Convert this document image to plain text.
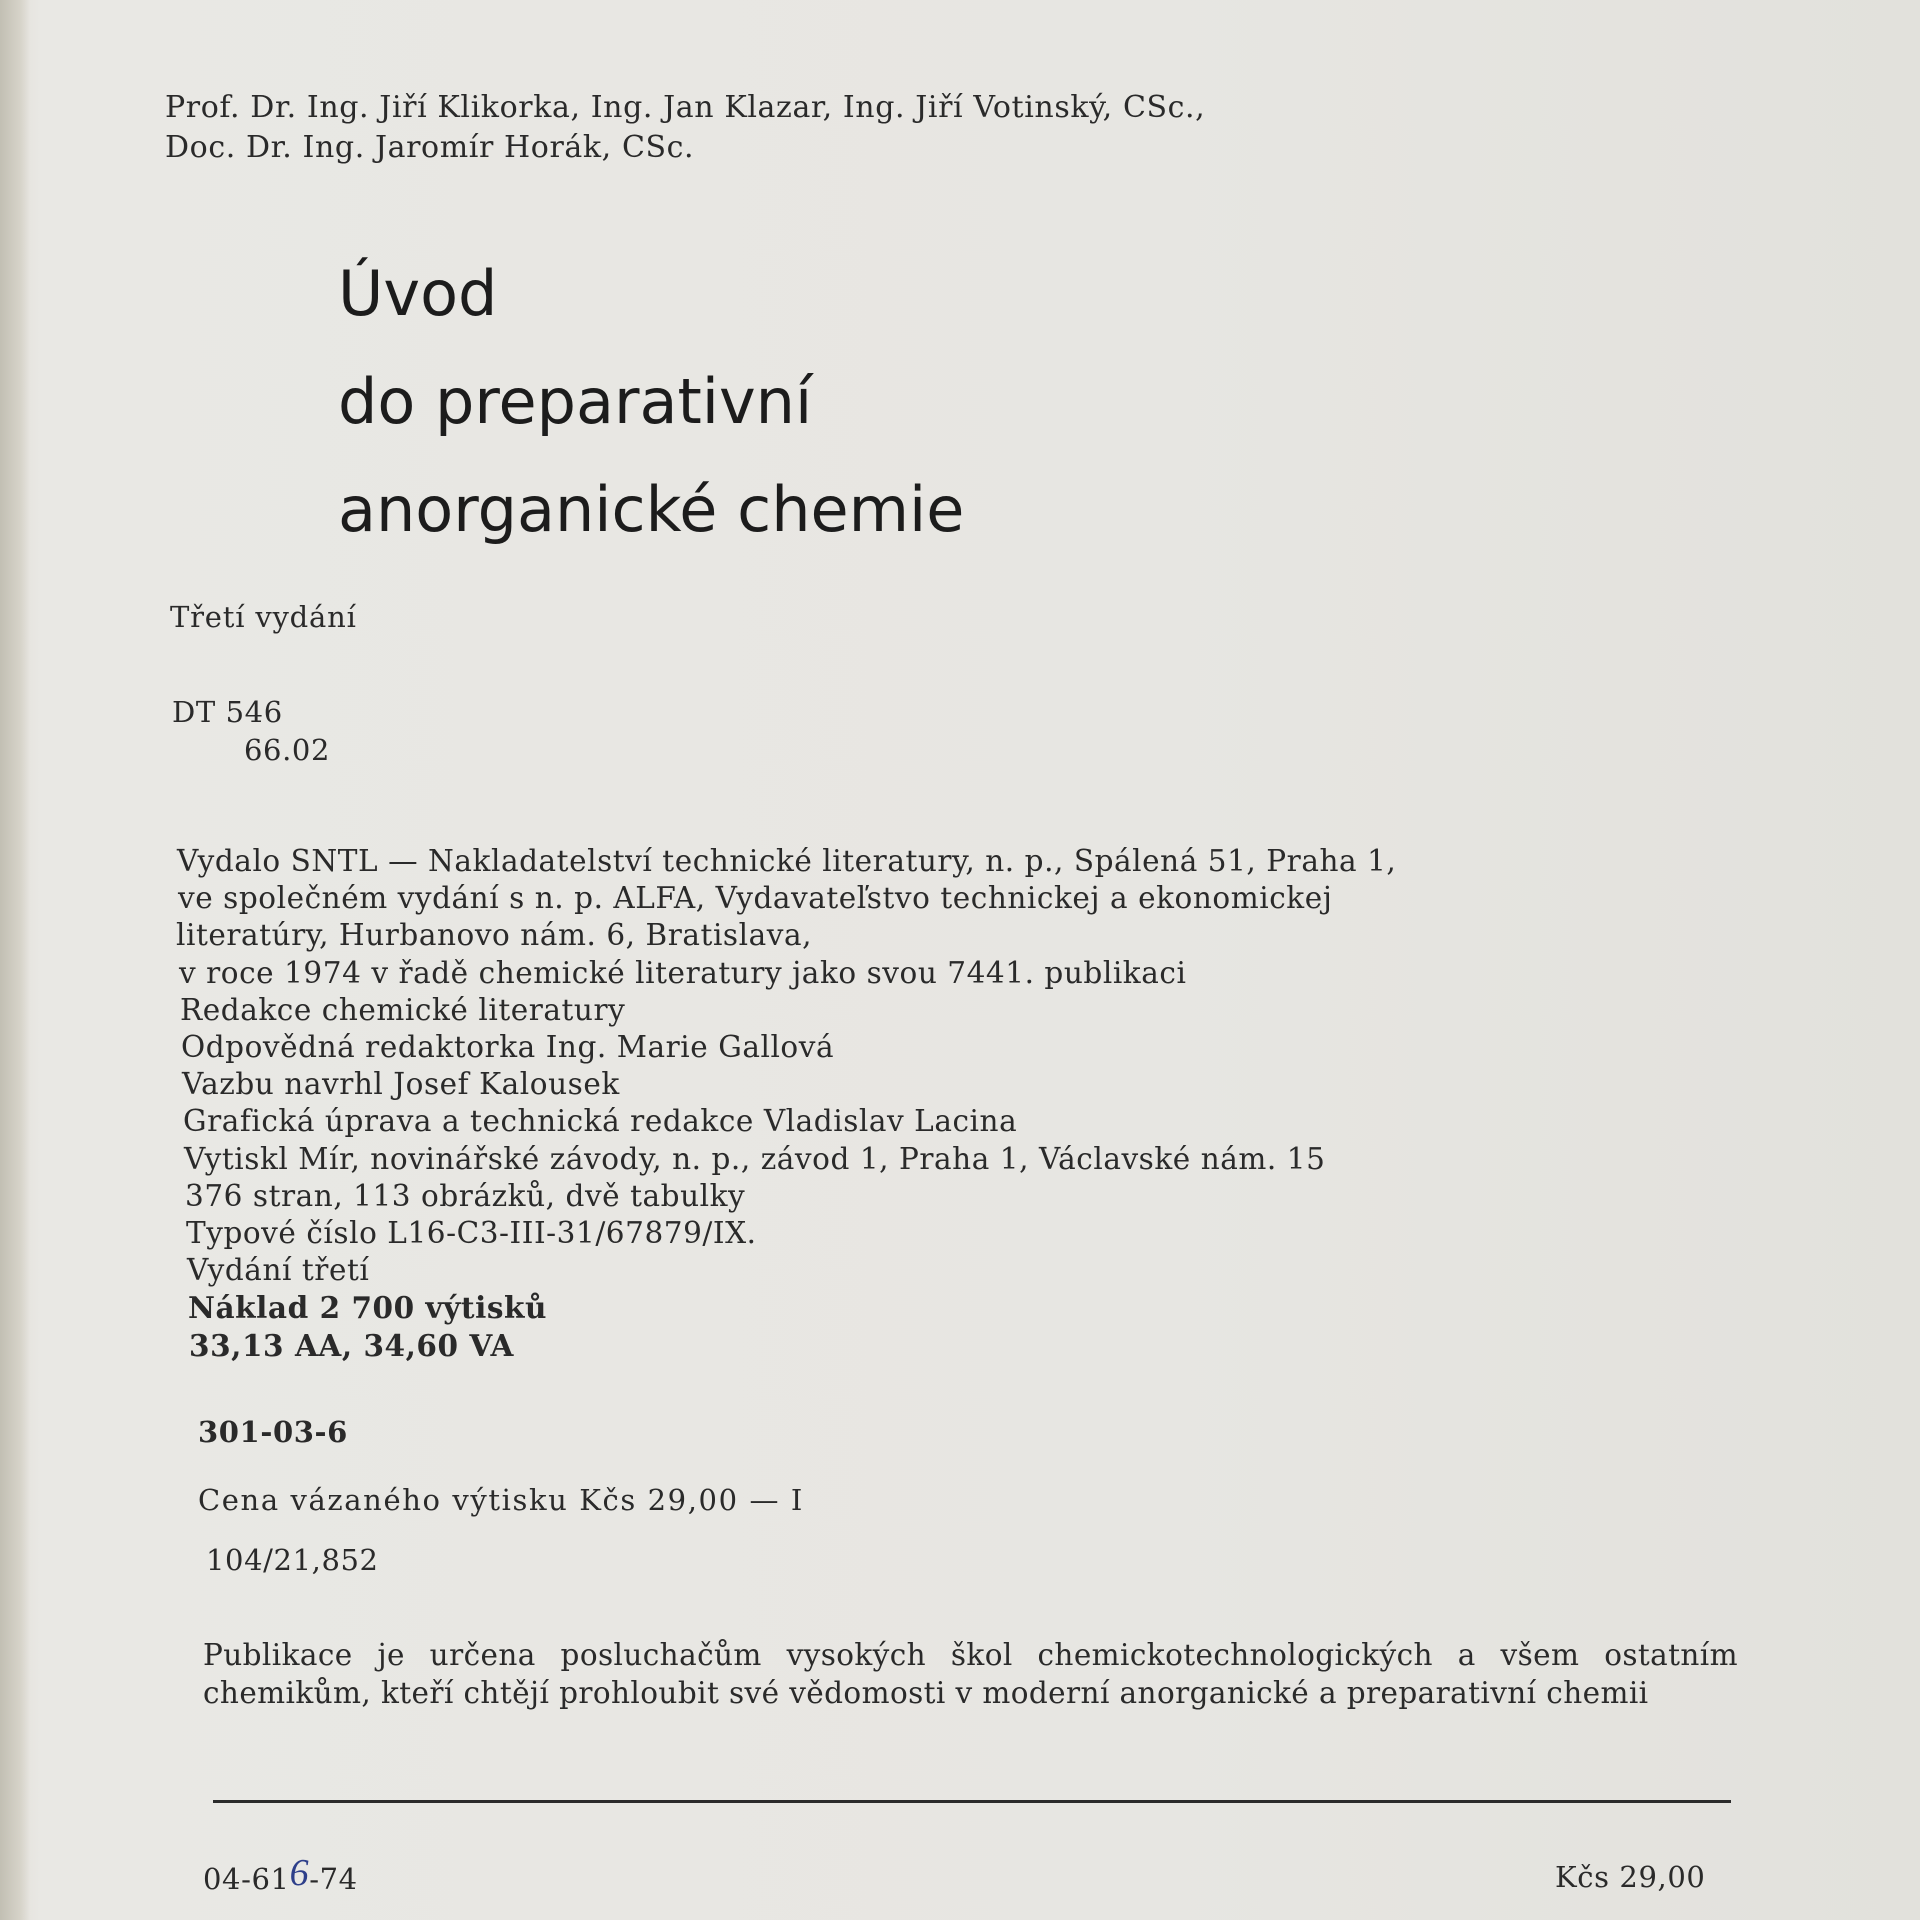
Prof. Dr. Ing. Jiří Klikorka, Ing. Jan Klazar, Ing. Jiří Votinský, CSc.,
Doc. Dr. Ing. Jaromír Horák, CSc.
Úvod
do preparativní
anorganické chemie
Třetí vydání
DT 546
66.02
Vydalo SNTL — Nakladatelství technické literatury, n. p., Spálená 51, Praha 1,
ve společném vydání s n. p. ALFA, Vydavateľstvo technickej a ekonomickej
literatúry, Hurbanovo nám. 6, Bratislava,
v roce 1974 v řadě chemické literatury jako svou 7441. publikaci
Redakce chemické literatury
Odpovědná redaktorka Ing. Marie Gallová
Vazbu navrhl Josef Kalousek
Grafická úprava a technická redakce Vladislav Lacina
Vytiskl Mír, novinářské závody, n. p., závod 1, Praha 1, Václavské nám. 15
376 stran, 113 obrázků, dvě tabulky
Typové číslo L16-C3-III-31/67879/IX.
Vydání třetí
Náklad 2 700 výtisků
33,13 AA, 34,60 VA
301-03-6
Cena vázaného výtisku Kčs 29,00 — I
104/21,852
Publikace je určena posluchačům vysokých škol chemickotechnologických a všem ostatním chemikům, kteří chtějí prohloubit své vědomosti v moderní anorganické a preparativní chemii
04-616-74	Kčs 29,00
